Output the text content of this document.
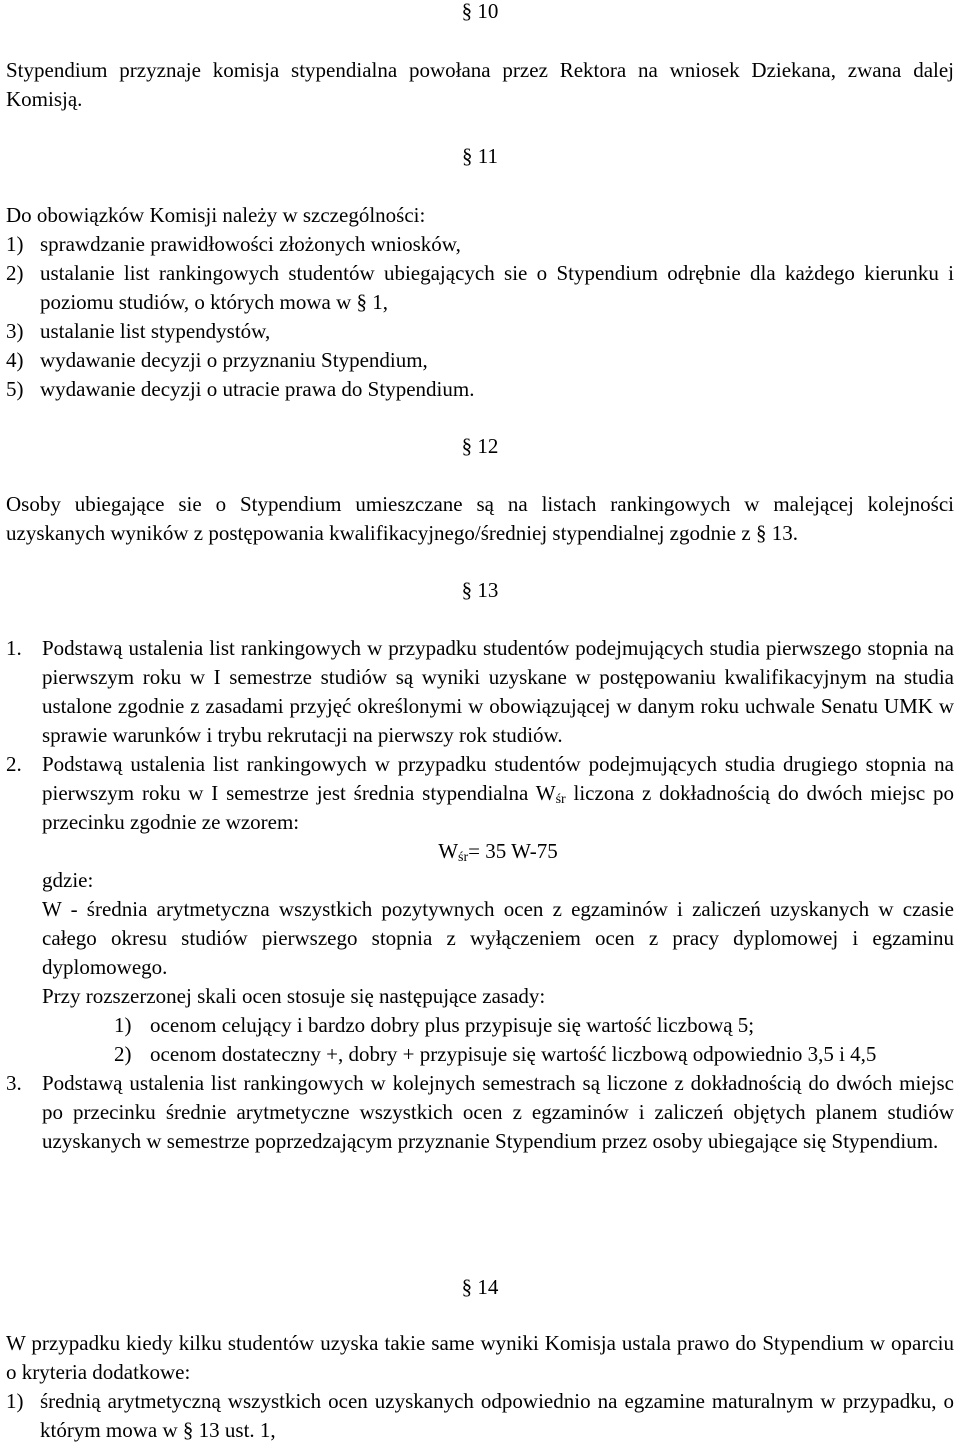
§ 10

Stypendium przyznaje komisja stypendialna powołana przez Rektora na wniosek Dziekana, zwana dalej Komisją.

§ 11

Do obowiązków Komisji należy w szczególności:

1) sprawdzanie prawidłowości złożonych wniosków,
2) ustalanie list rankingowych studentów ubiegających sie o Stypendium odrębnie dla każdego kierunku i poziomu studiów, o których mowa w § 1,
3) ustalanie list stypendystów,
4) wydawanie decyzji o przyznaniu Stypendium,
5) wydawanie decyzji o utracie prawa do Stypendium.
§ 12

Osoby ubiegające sie o Stypendium umieszczane są na listach rankingowych w malejącej kolejności uzyskanych wyników z postępowania kwalifikacyjnego/średniej stypendialnej zgodnie z § 13.

§ 13
1. Podstawą ustalenia list rankingowych w przypadku studentów podejmujących studia pierwszego stopnia na pierwszym roku w I semestrze studiów są wyniki uzyskane w postępowaniu kwalifikacyjnym na studia ustalone zgodnie z zasadami przyjęć określonymi w obowiązującej w danym roku uchwale Senatu UMK w sprawie warunków i trybu rekrutacji na pierwszy rok studiów.
2. Podstawą ustalenia list rankingowych w przypadku studentów podejmujących studia drugiego stopnia na pierwszym roku w I semestrze jest średnia stypendialna $W_{śr}$ liczona z dokładnością do dwóch miejsc po przecinku zgodnie ze wzorem:

$W_{śr}= 35$ W-75

gdzie:

W - średnia arytmetyczna wszystkich pozytywnych ocen z egzaminów i zaliczeń uzyskanych w czasie całego okresu studiów pierwszego stopnia z wyłączeniem ocen z pracy dyplomowej i egzaminu dyplomowego.

Przy rozszerzonej skali ocen stosuje się następujące zasady:

1) ocenom celujący i bardzo dobry plus przypisuje się wartość liczbową 5;
2) ocenom dostateczny +, dobry + przypisuje się wartość liczbową odpowiednio 3,5 i 4,5
3. Podstawą ustalenia list rankingowych w kolejnych semestrach są liczone z dokładnością do dwóch miejsc po przecinku średnie arytmetyczne wszystkich ocen z egzaminów i zaliczeń objętych planem studiów uzyskanych w semestrze poprzedzającym przyznanie Stypendium przez osoby ubiegające się Stypendium.
§ 14

W przypadku kiedy kilku studentów uzyska takie same wyniki Komisja ustala prawo do Stypendium w oparciu o kryteria dodatkowe:

1) średnią arytmetyczną wszystkich ocen uzyskanych odpowiednio na egzamine maturalnym w przypadku, o którym mowa w § 13 ust. 1,
